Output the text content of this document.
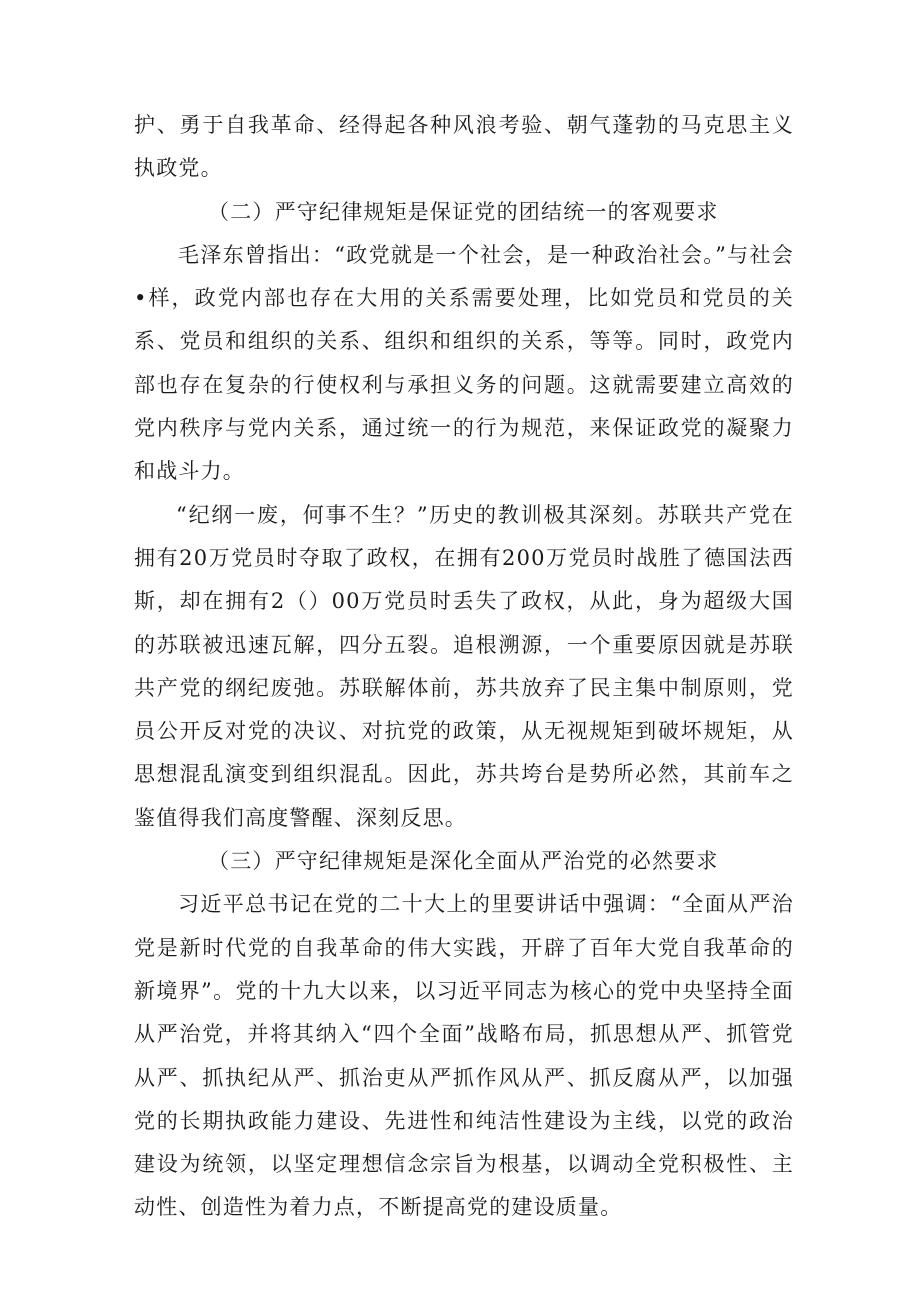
护、勇于自我革命、经得起各种风浪考验、朝气蓬勃的马克思主义执政党。

（二）严守纪律规矩是保证党的团结统一的客观要求

毛泽东曾指出：“政党就是一个社会，是一种政治社会。”与社会•样，政党内部也存在大用的关系需要处理，比如党员和党员的关系、党员和组织的关系、组织和组织的关系，等等。同时，政党内部也存在复杂的行使权利与承担义务的问题。这就需要建立高效的党内秩序与党内关系，通过统一的行为规范，来保证政党的凝聚力和战斗力。

“纪纲一废，何事不生？”历史的教训极其深刻。苏联共产党在拥有20万党员时夺取了政权，在拥有200万党员时战胜了德国法西斯，却在拥有2（）00万党员时丢失了政权，从此，身为超级大国的苏联被迅速瓦解，四分五裂。追根溯源，一个重要原因就是苏联共产党的纲纪废弛。苏联解体前，苏共放弃了民主集中制原则，党员公开反对党的决议、对抗党的政策，从无视规矩到破坏规矩，从思想混乱演变到组织混乱。因此，苏共垮台是势所必然，其前车之鉴值得我们高度警醒、深刻反思。

（三）严守纪律规矩是深化全面从严治党的必然要求

习近平总书记在党的二十大上的里要讲话中强调：“全面从严治党是新时代党的自我革命的伟大实践，开辟了百年大党自我革命的新境界”。党的十九大以来，以习近平同志为核心的党中央坚持全面从严治党，并将其纳入“四个全面”战略布局，抓思想从严、抓管党从严、抓执纪从严、抓治吏从严抓作风从严、抓反腐从严，以加强党的长期执政能力建设、先进性和纯洁性建设为主线，以党的政治建设为统领，以坚定理想信念宗旨为根基，以调动全党积极性、主动性、创造性为着力点，不断提高党的建设质量。
